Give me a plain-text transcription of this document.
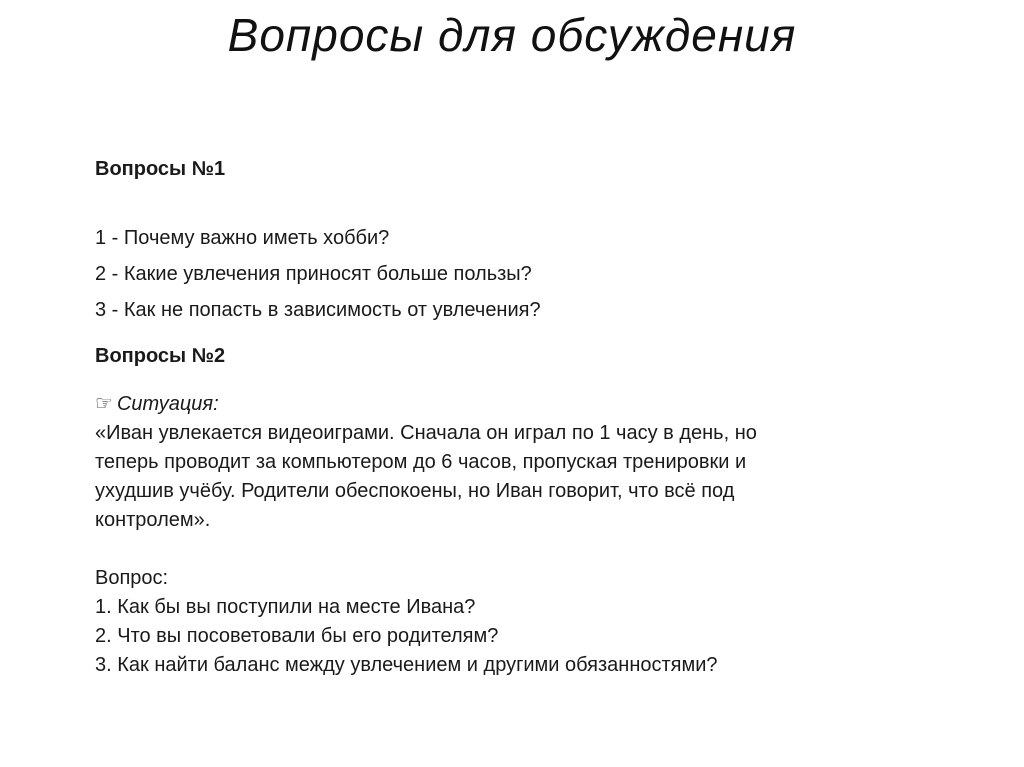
Вопросы для обсуждения

Вопросы №1

1 - Почему важно иметь хобби?

2 - Какие увлечения приносят больше пользы?

3 - Как не попасть в зависимость от увлечения?

Вопросы №2

☞ Ситуация:

«Иван увлекается видеоиграми. Сначала он играл по 1 часу в день, но

теперь проводит за компьютером до 6 часов, пропуская тренировки и

ухудшив учёбу. Родители обеспокоены, но Иван говорит, что всё под

контролем».

Вопрос:

1. Как бы вы поступили на месте Ивана?

2. Что вы посоветовали бы его родителям?

3. Как найти баланс между увлечением и другими обязанностями?
